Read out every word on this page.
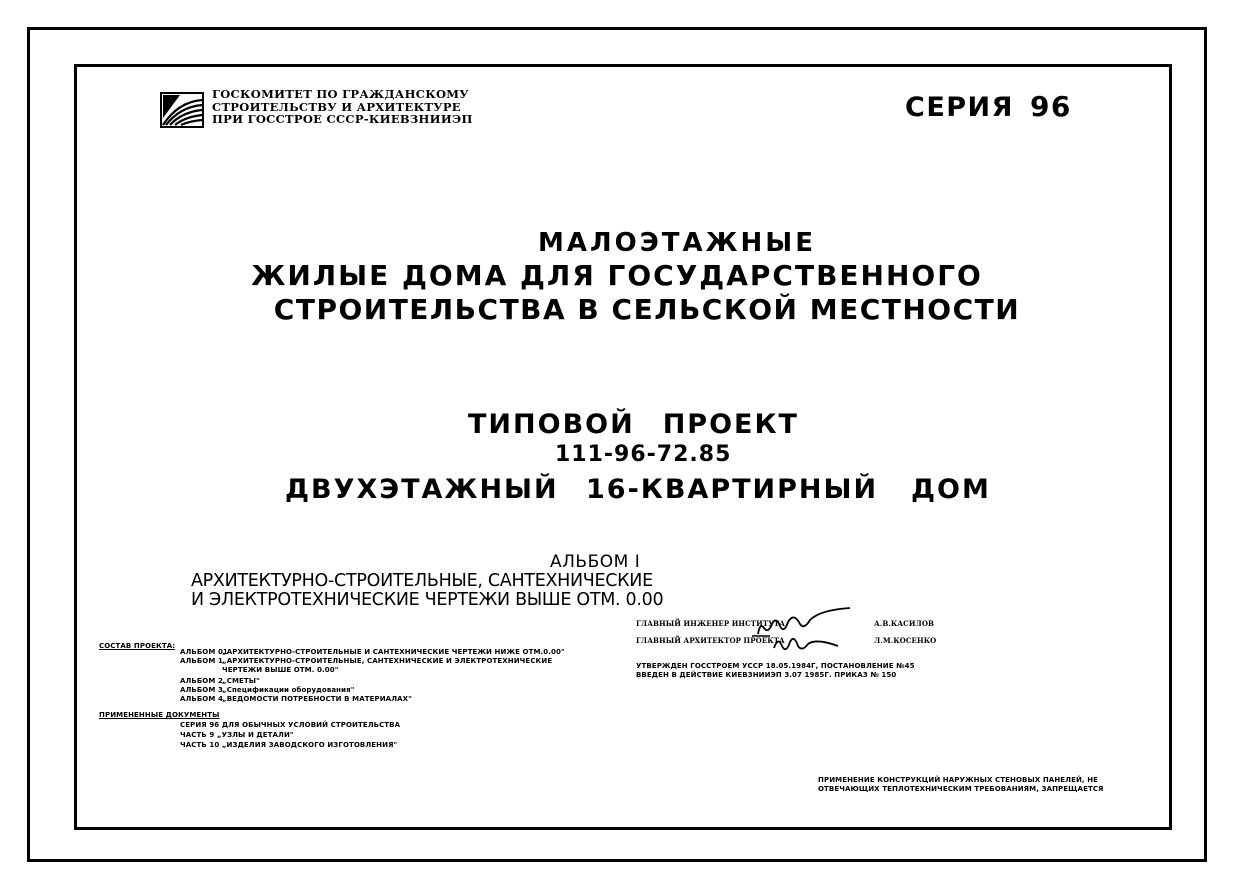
ГОСКОМИТЕТ ПО ГРАЖДАНСКОМУ
СТРОИТЕЛЬСТВУ И АРХИТЕКТУРЕ
ПРИ ГОССТРОЕ СССР-КИЕВЗНИИЭП	СЕРИЯ 96
МАЛОЭТАЖНЫЕ
ЖИЛЫЕ ДОМА ДЛЯ ГОСУДАРСТВЕННОГО
СТРОИТЕЛЬСТВА В СЕЛЬСКОЙ МЕСТНОСТИ
ТИПОВОЙ ПРОЕКТ
111-96-72.85
ДВУХЭТАЖНЫЙ 16-КВАРТИРНЫЙ ДОМ
АЛЬБОМ I
АРХИТЕКТУРНО-СТРОИТЕЛЬНЫЕ, САНТЕХНИЧЕСКИЕ
И ЭЛЕКТРОТЕХНИЧЕСКИЕ ЧЕРТЕЖИ ВЫШЕ ОТМ. 0.00
СОСТАВ ПРОЕКТА:
АЛЬБОМ 01„АРХИТЕКТУРНО-СТРОИТЕЛЬНЫЕ И САНТЕХНИЧЕСКИЕ ЧЕРТЕЖИ НИЖЕ ОТМ.0.00"
АЛЬБОМ 1„АРХИТЕКТУРНО-СТРОИТЕЛЬНЫЕ, САНТЕХНИЧЕСКИЕ И ЭЛЕКТРОТЕХНИЧЕСКИЕ
ЧЕРТЕЖИ ВЫШЕ ОТМ. 0.00"
АЛЬБОМ 2„СМЕТЫ"
АЛЬБОМ 3„Спецификации оборудования"
АЛЬБОМ 4„ВЕДОМОСТИ ПОТРЕБНОСТИ В МАТЕРИАЛАХ"
ПРИМЕНЕННЫЕ ДОКУМЕНТЫ
СЕРИЯ 96 ДЛЯ ОБЫЧНЫХ УСЛОВИЙ СТРОИТЕЛЬСТВА
ЧАСТЬ 9 „УЗЛЫ И ДЕТАЛИ"
ЧАСТЬ 10 „ИЗДЕЛИЯ ЗАВОДСКОГО ИЗГОТОВЛЕНИЯ"
ГЛАВНЫЙ ИНЖЕНЕР ИНСТИТУТА	А.В.КАСИЛОВ
ГЛАВНЫЙ АРХИТЕКТОР ПРОЕКТА	Л.М.КОСЕНКО
УТВЕРЖДЕН ГОССТРОЕМ УССР 18.05.1984Г, ПОСТАНОВЛЕНИЕ №45
ВВЕДЕН В ДЕЙСТВИЕ КИЕВЗНИИЭП 3.07 1985Г. ПРИКАЗ № 150
ПРИМЕНЕНИЕ КОНСТРУКЦИЙ НАРУЖНЫХ СТЕНОВЫХ ПАНЕЛЕЙ, НЕ
ОТВЕЧАЮЩИХ ТЕПЛОТЕХНИЧЕСКИМ ТРЕБОВАНИЯМ, ЗАПРЕЩАЕТСЯ
